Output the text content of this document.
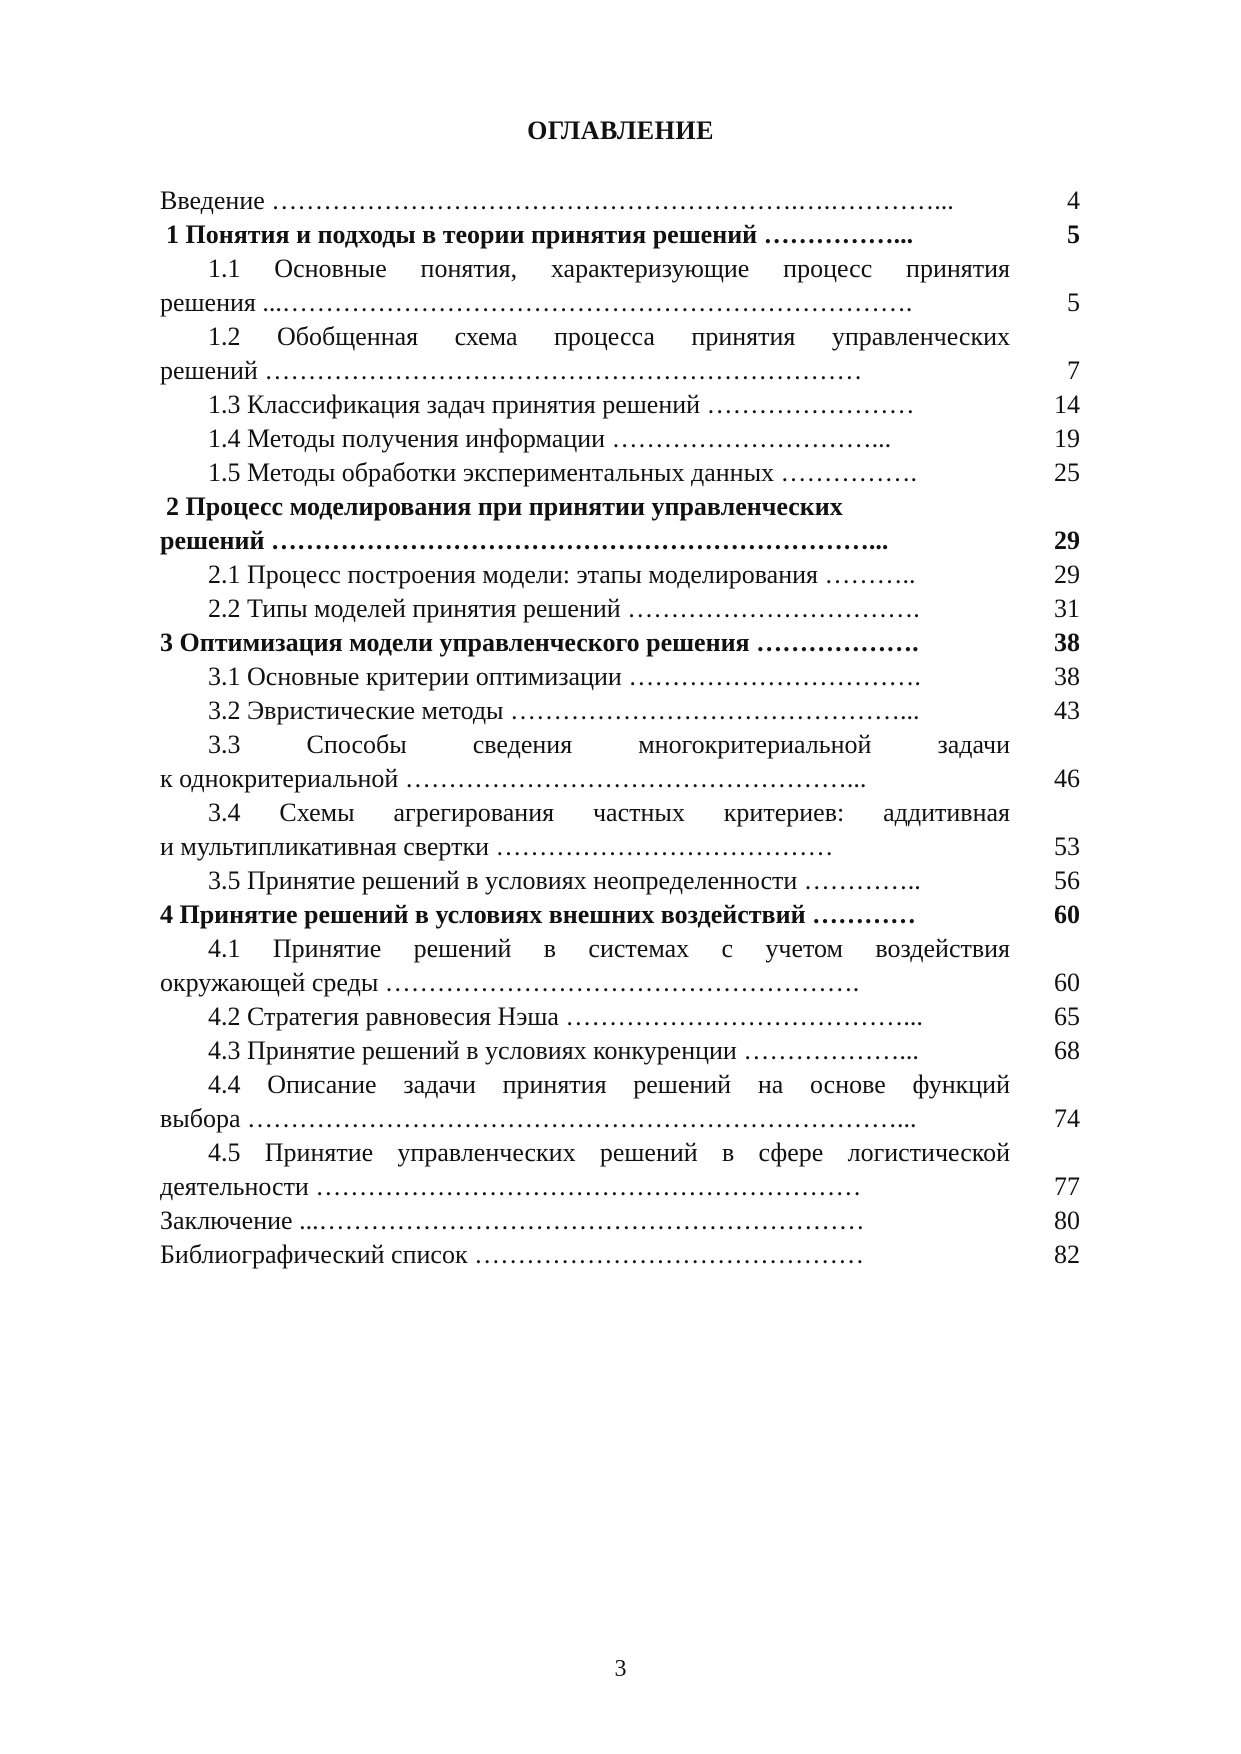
ОГЛАВЛЕНИЕ
Введение …………………………………………………….….…………...	4
1 Понятия и подходы в теории принятия решений ……………...	5
1.1 Основные понятия, характеризующие процесс принятия
решения ...……………………………………………………………….	5
1.2 Обобщенная схема процесса принятия управленческих
решений ……………………………………………………………	7
1.3 Классификация задач принятия решений ……………………	14
1.4 Методы получения информации …………………………...	19
1.5 Методы обработки экспериментальных данных …………….	25
2 Процесс моделирования при принятии управленческих
решений ……………………………………………………………...	29
2.1 Процесс построения модели: этапы моделирования ………..	29
2.2 Типы моделей принятия решений …………………………….	31
3 Оптимизация модели управленческого решения ……………….	38
3.1 Основные критерии оптимизации …………………………….	38
3.2 Эвристические методы ………………………………………...	43
3.3 Способы сведения многокритериальной задачи
к однокритериальной ……………………………………………...	46
3.4 Схемы агрегирования частных критериев: аддитивная
и мультипликативная свертки …………………………………	53
3.5 Принятие решений в условиях неопределенности …………..	56
4 Принятие решений в условиях внешних воздействий …………	60
4.1 Принятие решений в системах с учетом воздействия
окружающей среды ……………………………………………….	60
4.2 Стратегия равновесия Нэша …………………………………...	65
4.3 Принятие решений в условиях конкуренции ………………...	68
4.4 Описание задачи принятия решений на основе функций
выбора …………………………………………………………………...	74
4.5 Принятие управленческих решений в сфере логистической
деятельности ………………………………………………………	77
Заключение ...………………………………………………………	80
Библиографический список ………………………………………	82
3
